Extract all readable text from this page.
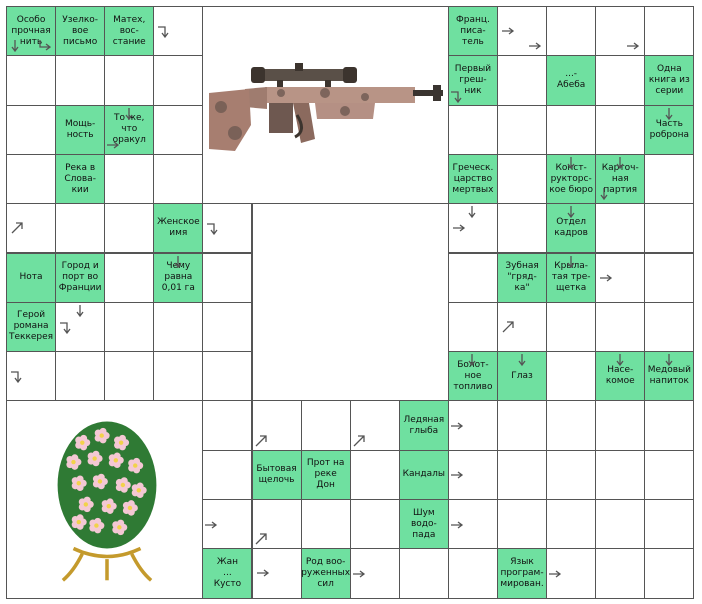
Особо
прочная
нить
Узелко-
вое
письмо
Матех,
вос-
стание
Франц.
писа-
тель
Первый
греш-
ник
...-
Абеба
Одна
книга из
серии
Мощь-
ность
То же,
что
оракул
Часть
роброна
Река в
Слова-
кии
Греческ.
царство
мертвых
Конст-
рукторс-
кое бюро
Карточ-
ная
партия
Женское
имя
Отдел
кадров
Нота
Город и
порт во
Франции
Чему
равна
0,01 га
Зубная
"гряд-
ка"
Крыла-
тая тре-
щетка
Герой
романа
Теккерея
Болот-
ное
топливо
Глаз
Насе-
комое
Медовый
напиток
Ледяная
глыба
Бытовая
щелочь
Прот на
реке
Дон
Кандалы
Шум
водо-
пада
Жан
...
Кусто
Род воо-
руженных
сил
Язык
програм-
мирован.
